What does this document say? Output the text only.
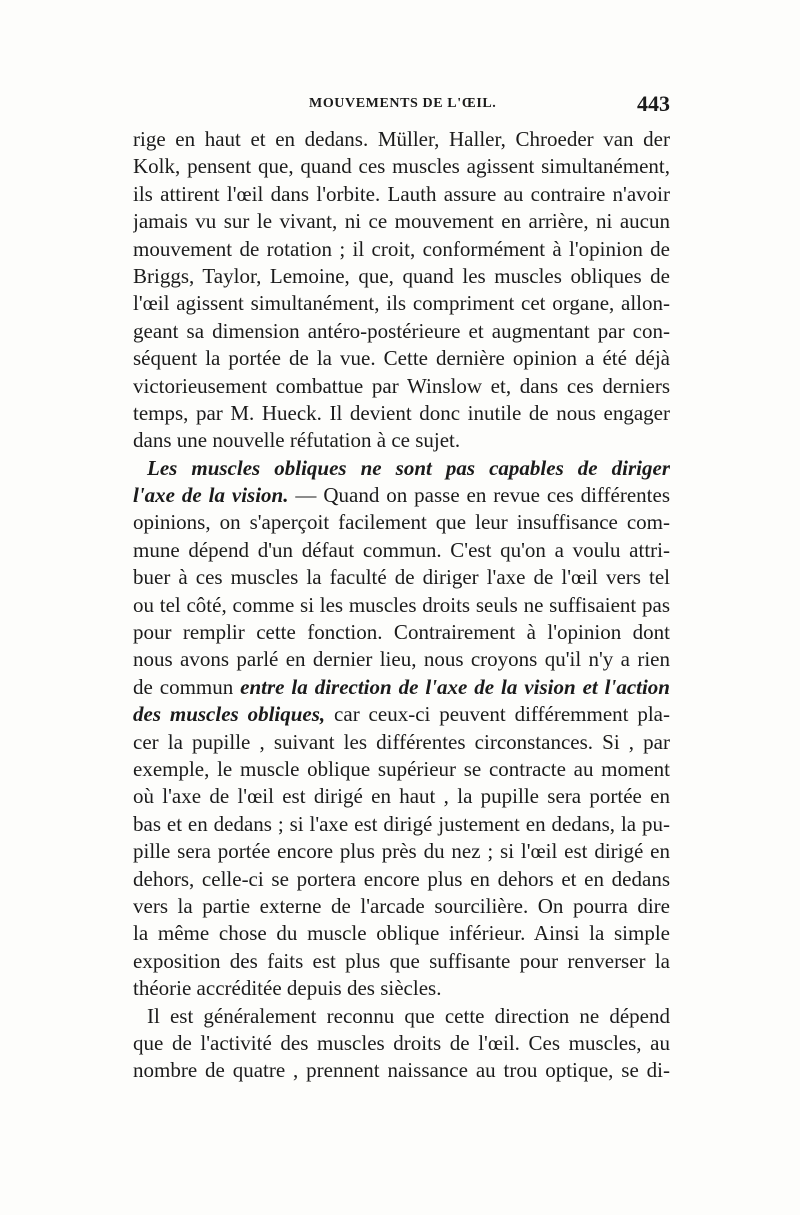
MOUVEMENTS DE L'ŒIL.	443
rige en haut et en dedans. Müller, Haller, Chroeder van der
Kolk, pensent que, quand ces muscles agissent simultanément,
ils attirent l'œil dans l'orbite. Lauth assure au contraire n'avoir
jamais vu sur le vivant, ni ce mouvement en arrière, ni aucun
mouvement de rotation ; il croit, conformément à l'opinion de
Briggs, Taylor, Lemoine, que, quand les muscles obliques de
l'œil agissent simultanément, ils compriment cet organe, allon-
geant sa dimension antéro-postérieure et augmentant par con-
séquent la portée de la vue. Cette dernière opinion a été déjà
victorieusement combattue par Winslow et, dans ces derniers
temps, par M. Hueck. Il devient donc inutile de nous engager
dans une nouvelle réfutation à ce sujet.
Les muscles obliques ne sont pas capables de diriger
l'axe de la vision. — Quand on passe en revue ces différentes
opinions, on s'aperçoit facilement que leur insuffisance com-
mune dépend d'un défaut commun. C'est qu'on a voulu attri-
buer à ces muscles la faculté de diriger l'axe de l'œil vers tel
ou tel côté, comme si les muscles droits seuls ne suffisaient pas
pour remplir cette fonction. Contrairement à l'opinion dont
nous avons parlé en dernier lieu, nous croyons qu'il n'y a rien
de commun entre la direction de l'axe de la vision et l'action
des muscles obliques, car ceux-ci peuvent différemment pla-
cer la pupille , suivant les différentes circonstances. Si , par
exemple, le muscle oblique supérieur se contracte au moment
où l'axe de l'œil est dirigé en haut , la pupille sera portée en
bas et en dedans ; si l'axe est dirigé justement en dedans, la pu-
pille sera portée encore plus près du nez ; si l'œil est dirigé en
dehors, celle-ci se portera encore plus en dehors et en dedans
vers la partie externe de l'arcade sourcilière. On pourra dire
la même chose du muscle oblique inférieur. Ainsi la simple
exposition des faits est plus que suffisante pour renverser la
théorie accréditée depuis des siècles.
Il est généralement reconnu que cette direction ne dépend
que de l'activité des muscles droits de l'œil. Ces muscles, au
nombre de quatre , prennent naissance au trou optique, se di-
